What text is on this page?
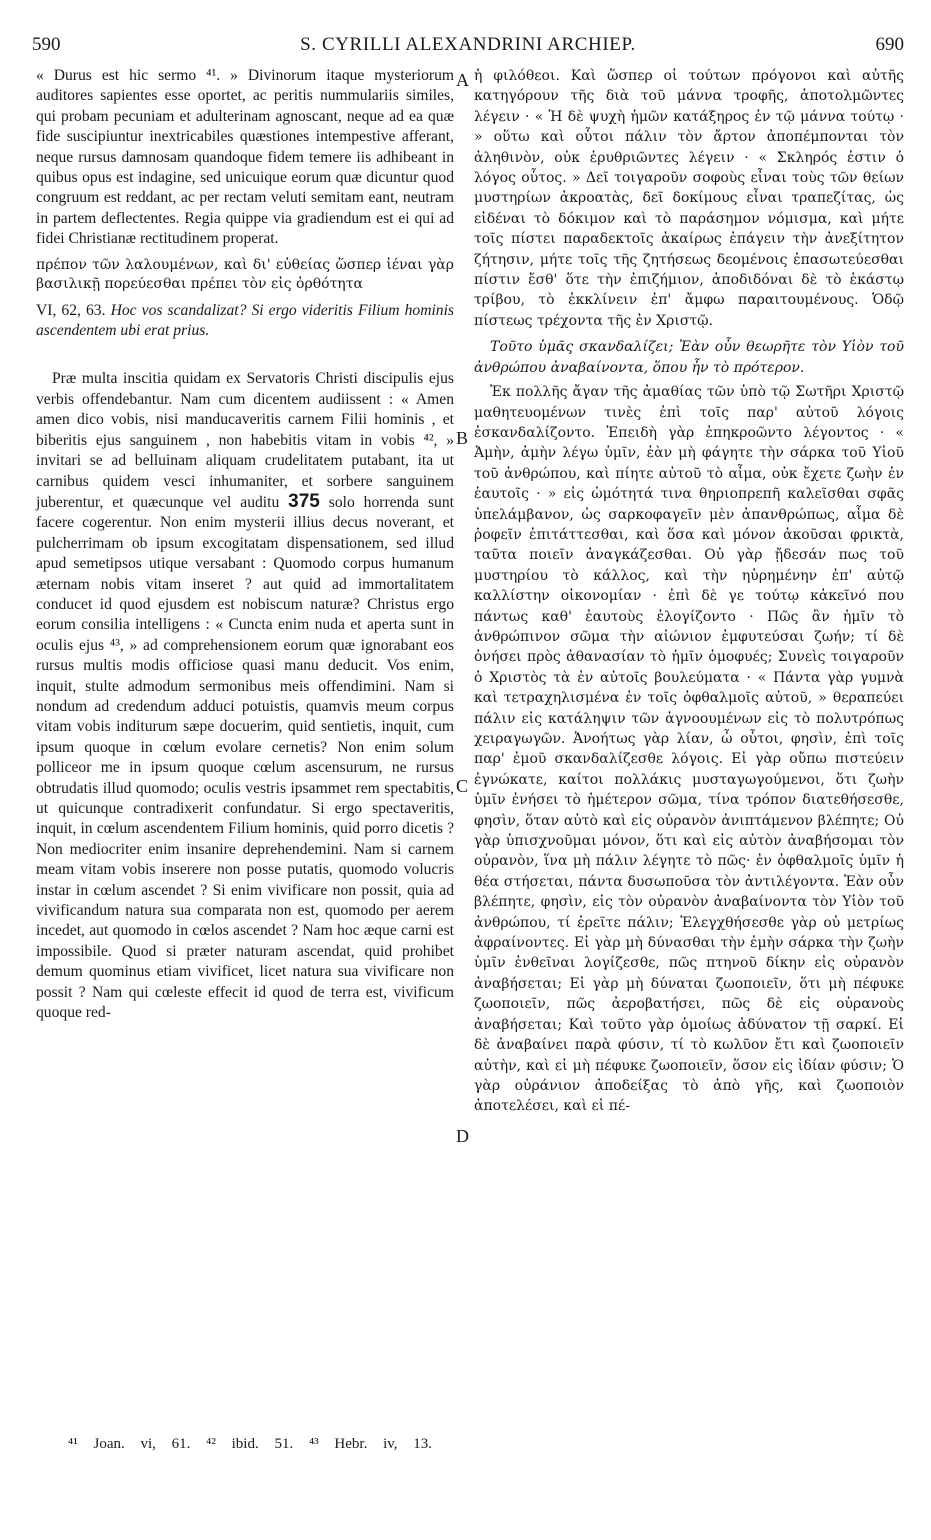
590	S. CYRILLI ALEXANDRINI ARCHIEP.	690

« Durus est hic sermo ⁴¹. » Divinorum itaque mysteriorum auditores sapientes esse oportet, ac peritis nummulariis similes, qui probam pecuniam et adulterinam agnoscant, neque ad ea quæ fide suscipiuntur inextricabiles quæstiones intempestive afferant, neque rursus damnosam quandoque fidem temere iis adhibeant in quibus opus est indagine, sed unicuique eorum quæ dicuntur quod congruum est reddant, ac per rectam veluti semitam eant, neutram in partem deflectentes. Regia quippe via gradiendum est ei qui ad fidei Christianæ rectitudinem properat.

πρέπον τῶν λαλουμένων, καὶ δι' εὐθείας ὥσπερ ἰέναι γὰρ βασιλικῇ πορεύεσθαι πρέπει τὸν εἰς ὀρθότητα

VI, 62, 63. Hoc vos scandalizat? Si ergo videritis Filium hominis ascendentem ubi erat prius.

Præ multa inscitia quidam ex Servatoris Christi discipulis ejus verbis offendebantur. Nam cum dicentem audiissent : « Amen amen dico vobis, nisi manducaveritis carnem Filii hominis , et biberitis ejus sanguinem , non habebitis vitam in vobis ⁴², » invitari se ad belluinam aliquam crudelitatem putabant, ita ut carnibus quidem vesci inhumaniter, et sorbere sanguinem juberentur, et quæcunque vel auditu 375 solo horrenda sunt facere cogerentur. Non enim mysterii illius decus noverant, et pulcherrimam ob ipsum excogitatam dispensationem, sed illud apud semetipsos utique versabant : Quomodo corpus humanum æternam nobis vitam inseret ? aut quid ad immortalitatem conducet id quod ejusdem est nobiscum naturæ? Christus ergo eorum consilia intelligens : « Cuncta enim nuda et aperta sunt in oculis ejus ⁴³, » ad comprehensionem eorum quæ ignorabant eos rursus multis modis officiose quasi manu deducit. Vos enim, inquit, stulte admodum sermonibus meis offendimini. Nam si nondum ad credendum adduci potuistis, quamvis meum corpus vitam vobis inditurum sæpe docuerim, quid sentietis, inquit, cum ipsum quoque in cœlum evolare cernetis? Non enim solum polliceor me in ipsum quoque cœlum ascensurum, ne rursus obtrudatis illud quomodo; oculis vestris ipsammet rem spectabitis, ut quicunque contradixerit confundatur. Si ergo spectaveritis, inquit, in cœlum ascendentem Filium hominis, quid porro dicetis ? Non mediocriter enim insanire deprehendemini. Nam si carnem meam vitam vobis inserere non posse putatis, quomodo volucris instar in cœlum ascendet ? Si enim vivificare non possit, quia ad vivificandum natura sua comparata non est, quomodo per aerem incedet, aut quomodo in cœlos ascendet ? Nam hoc æque carni est impossibile. Quod si præter naturam ascendat, quid prohibet demum quominus etiam vivificet, licet natura sua vivificare non possit ? Nam qui cœleste effecit id quod de terra est, vivificum quoque red-

ἡ φιλόθεοι. Καὶ ὥσπερ οἱ τούτων πρόγονοι καὶ αὐτῆς κατηγόρουν τῆς διὰ τοῦ μάννα τροφῆς, ἀποτολμῶντες λέγειν · « Ἡ δὲ ψυχὴ ἡμῶν κατάξηρος ἐν τῷ μάννα τούτῳ · » οὕτω καὶ οὗτοι πάλιν τὸν ἄρτον ἀποπέμπονται τὸν ἀληθινὸν, οὐκ ἐρυθριῶντες λέγειν · « Σκληρός ἐστιν ὁ λόγος οὗτος. » Δεῖ τοιγαροῦν σοφοὺς εἶναι τοὺς τῶν θείων μυστηρίων ἀκροατὰς, δεῖ δοκίμους εἶναι τραπεζίτας, ὡς εἰδέναι τὸ δόκιμον καὶ τὸ παράσημον νόμισμα, καὶ μήτε τοῖς πίστει παραδεκτοῖς ἀκαίρως ἐπάγειν τὴν ἀνεξίτητον ζήτησιν, μήτε τοῖς τῆς ζητήσεως δεομένοις ἐπασωτεύεσθαι πίστιν ἔσθ' ὅτε τὴν ἐπιζήμιον, ἀποδιδόναι δὲ τὸ ἑκάστῳ τρίβου, τὸ ἐκκλίνειν ἐπ' ἄμφω παραιτουμένους. Ὁδῷ πίστεως τρέχοντα τῆς ἐν Χριστῷ.

Τοῦτο ὑμᾶς σκανδαλίζει; Ἐὰν οὖν θεωρῆτε τὸν Υἱὸν τοῦ ἀνθρώπου ἀναβαίνοντα, ὅπου ἦν τὸ πρότερον.

Ἐκ πολλῆς ἄγαν τῆς ἀμαθίας τῶν ὑπὸ τῷ Σωτῆρι Χριστῷ μαθητευομένων τινὲς ἐπὶ τοῖς παρ' αὐτοῦ λόγοις ἐσκανδαλίζοντο. Ἐπειδὴ γὰρ ἐπηκροῶντο λέγοντος · « Ἀμὴν, ἀμὴν λέγω ὑμῖν, ἐὰν μὴ φάγητε τὴν σάρκα τοῦ Υἱοῦ τοῦ ἀνθρώπου, καὶ πίητε αὐτοῦ τὸ αἷμα, οὐκ ἔχετε ζωὴν ἐν ἑαυτοῖς · » εἰς ὠμότητά τινα θηριοπρεπῆ καλεῖσθαι σφᾶς ὑπελάμβανον, ὡς σαρκοφαγεῖν μὲν ἀπανθρώπως, αἷμα δὲ ῥοφεῖν ἐπιτάττεσθαι, καὶ ὅσα καὶ μόνον ἀκοῦσαι φρικτὰ, ταῦτα ποιεῖν ἀναγκάζεσθαι. Οὐ γὰρ ᾔδεσάν πως τοῦ μυστηρίου τὸ κάλλος, καὶ τὴν ηὑρημένην ἐπ' αὐτῷ καλλίστην οἰκονομίαν · ἐπὶ δὲ γε τούτῳ κἀκεῖνό που πάντως καθ' ἑαυτοὺς ἐλογίζοντο · Πῶς ἂν ἡμῖν τὸ ἀνθρώπινον σῶμα τὴν αἰώνιον ἐμφυτεύσαι ζωήν; τί δὲ ὀνήσει πρὸς ἀθανασίαν τὸ ἡμῖν ὁμοφυές; Συνεὶς τοιγαροῦν ὁ Χριστὸς τὰ ἐν αὐτοῖς βουλεύματα · « Πάντα γὰρ γυμνὰ καὶ τετραχηλισμένα ἐν τοῖς ὀφθαλμοῖς αὐτοῦ, » θεραπεύει πάλιν εἰς κατάληψιν τῶν ἀγνοουμένων εἰς τὸ πολυτρόπως χειραγωγῶν. Ἀνοήτως γὰρ λίαν, ὦ οὗτοι, φησὶν, ἐπὶ τοῖς παρ' ἐμοῦ σκανδαλίζεσθε λόγοις. Εἰ γὰρ οὔπω πιστεύειν ἐγνώκατε, καίτοι πολλάκις μυσταγωγούμενοι, ὅτι ζωὴν ὑμῖν ἐνήσει τὸ ἡμέτερον σῶμα, τίνα τρόπον διατεθήσεσθε, φησὶν, ὅταν αὐτὸ καὶ εἰς οὐρανὸν ἀνιπτάμενον βλέπητε; Οὐ γὰρ ὑπισχνοῦμαι μόνον, ὅτι καὶ εἰς αὐτὸν ἀναβήσομαι τὸν οὐρανὸν, ἵνα μὴ πάλιν λέγητε τὸ πῶς· ἐν ὀφθαλμοῖς ὑμῖν ἡ θέα στήσεται, πάντα δυσωποῦσα τὸν ἀντιλέγοντα. Ἐὰν οὖν βλέπητε, φησὶν, εἰς τὸν οὐρανὸν ἀναβαίνοντα τὸν Υἱὸν τοῦ ἀνθρώπου, τί ἐρεῖτε πάλιν; Ἐλεγχθήσεσθε γὰρ οὐ μετρίως ἀφραίνοντες. Εἰ γὰρ μὴ δύνασθαι τὴν ἐμὴν σάρκα τὴν ζωὴν ὑμῖν ἐνθεῖναι λογίζεσθε, πῶς πτηνοῦ δίκην εἰς οὐρανὸν ἀναβήσεται; Εἰ γὰρ μὴ δύναται ζωοποιεῖν, ὅτι μὴ πέφυκε ζωοποιεῖν, πῶς ἀεροβατήσει, πῶς δὲ εἰς οὐρανοὺς ἀναβήσεται; Καὶ τοῦτο γὰρ ὁμοίως ἀδύνατον τῇ σαρκί. Εἰ δὲ ἀναβαίνει παρὰ φύσιν, τί τὸ κωλῦον ἔτι καὶ ζωοποιεῖν αὐτὴν, καὶ εἰ μὴ πέφυκε ζωοποιεῖν, ὅσον εἰς ἰδίαν φύσιν; Ὁ γὰρ οὐράνιον ἀποδείξας τὸ ἀπὸ γῆς, καὶ ζωοποιὸν ἀποτελέσει, καὶ εἰ πέ-

A
B
C
D
⁴¹ Joan. vi, 61. ⁴² ibid. 51. ⁴³ Hebr. iv, 13.
